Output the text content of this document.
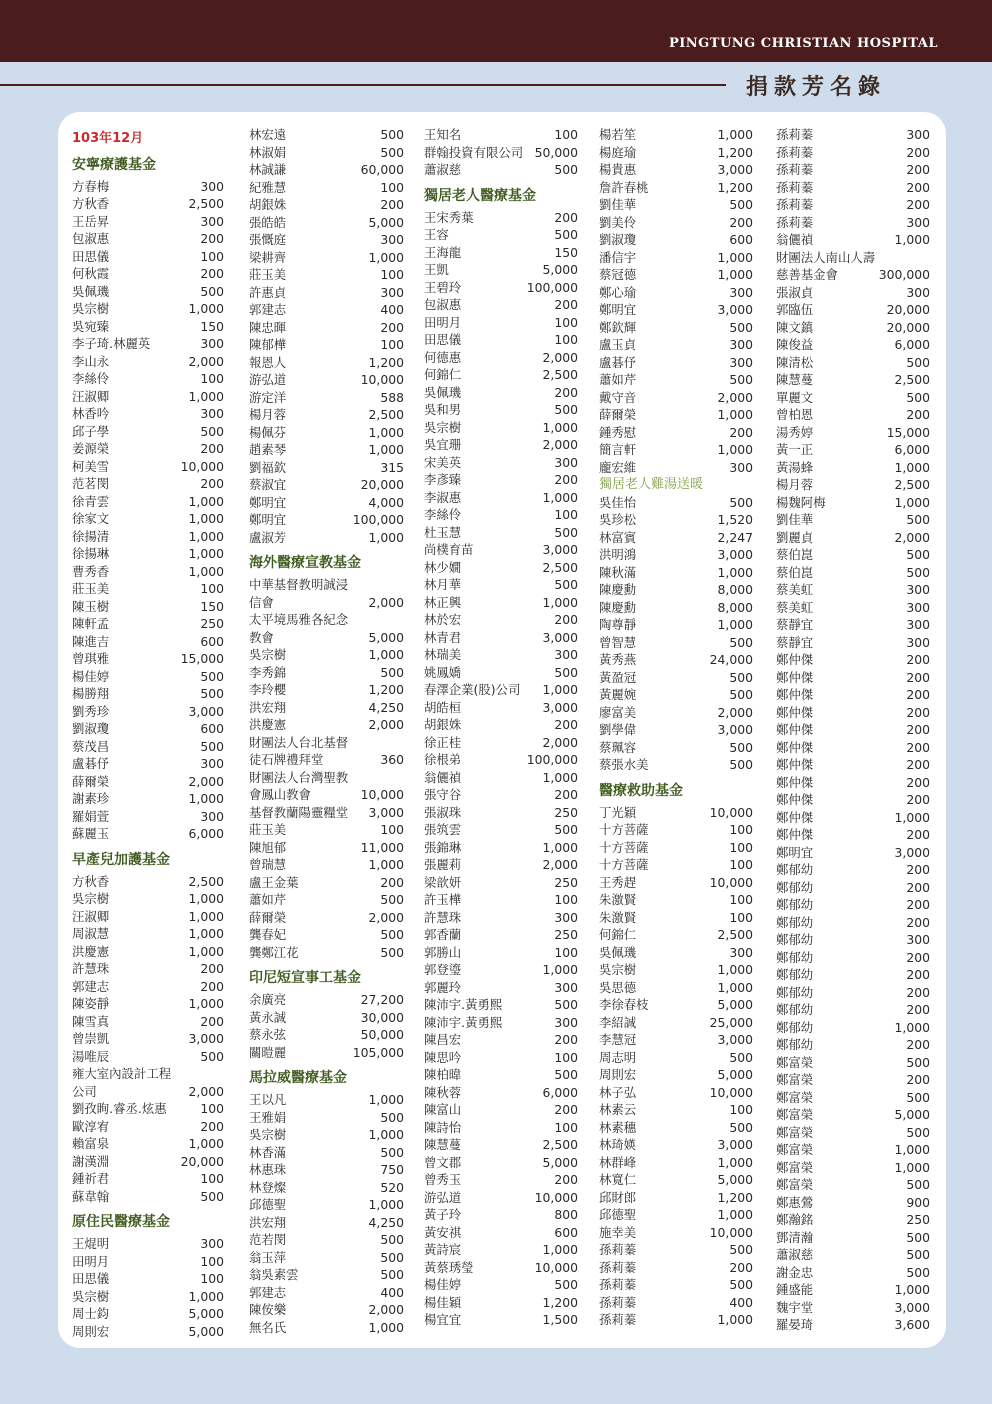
PINGTUNG CHRISTIAN HOSPITAL
捐款芳名錄
103年12月
安寧療護基金
方春梅	300
方秋香	2,500
王岳昇	300
包淑惠	200
田思儀	100
何秋霞	200
吳佩璣	500
吳宗樹	1,000
吳宛臻	150
李子琦.林麗英	300
李山永	2,000
李絲伶	100
汪淑卿	1,000
林香吟	300
邱子學	500
姜源榮	200
柯美雪	10,000
范茗閔	200
徐青雲	1,000
徐家文	1,000
徐揚清	1,000
徐揚琳	1,000
曹秀香	1,000
莊玉美	100
陳玉樹	150
陳軒孟	250
陳進吉	600
曾琪雅	15,000
楊佳婷	500
楊勝翔	500
劉秀珍	3,000
劉淑瓊	600
蔡茂昌	500
盧碁伃	300
薛爾榮	2,000
謝素珍	1,000
羅娟萱	300
蘇麗玉	6,000
早產兒加護基金
方秋香	2,500
吳宗樹	1,000
汪淑卿	1,000
周淑慧	1,000
洪慶憲	1,000
許慧珠	200
郭建志	200
陳姿靜	1,000
陳雪真	200
曾崇凱	3,000
湯唯辰	500
雍大室內設計工程
公司	2,000
劉孜眴.睿丞.炫惠	100
歐淳宥	200
賴富泉	1,000
謝漢淵	20,000
鍾祈君	100
蘇韋翰	500
原住民醫療基金
王焜明	300
田明月	100
田思儀	100
吳宗樹	1,000
周士鈞	5,000
周則宏	5,000
林宏遠	500
林淑娟	500
林誠謙	60,000
紀雅慧	100
胡銀姝	200
張皓皓	5,000
張慨庭	300
梁耕齊	1,000
莊玉美	100
許惠貞	300
郭建志	400
陳忠暉	200
陳郁樺	100
報恩人	1,200
游弘道	10,000
游定洋	588
楊月蓉	2,500
楊佩芬	1,000
趙素琴	1,000
劉福欽	315
蔡淑宜	20,000
鄭明宜	4,000
鄭明宜	100,000
盧淑芳	1,000
海外醫療宣教基金
中華基督教明誠浸
信會	2,000
太平境馬雅各紀念
教會	5,000
吳宗樹	1,000
李秀錦	500
李玲櫻	1,200
洪宏翔	4,250
洪慶憲	2,000
財團法人台北基督
徒石牌禮拜堂	360
財團法人台灣聖教
會鳳山教會	10,000
基督教蘭陽靈糧堂 3,000
莊玉美	100
陳旭郁	11,000
曾瑞慧	1,000
盧王金葉	200
蕭如芹	500
薛爾榮	2,000
龔春妃	500
龔鄭江花	500
印尼短宣事工基金
余廣亮	27,200
黃永誠	30,000
蔡永弦	50,000
關暟麗	105,000
馬拉威醫療基金
王以凡	1,000
王雅娟	500
吳宗樹	1,000
林香滿	500
林惠珠	750
林登燦	520
邱德聖	1,000
洪宏翔	4,250
范若閔	500
翁玉萍	500
翁吳素雲	500
郭建志	400
陳侒樂	2,000
無名氏	1,000
王知名	100
群翰投資有限公司 50,000
蕭淑慈	500
獨居老人醫療基金
王宋秀葉	200
王容	500
王海龍	150
王凱	5,000
王碧玲	100,000
包淑惠	200
田明月	100
田思儀	100
何德惠	2,000
何錦仁	2,500
吳佩璣	200
吳和男	500
吳宗樹	1,000
吳宜珊	2,000
宋美英	300
李彥臻	200
李淑惠	1,000
李絲伶	100
杜玉慧	500
尚樸育苗	3,000
林少嫺	2,500
林月華	500
林正興	1,000
林於宏	200
林青君	3,000
林瑞美	300
姚鳳嬌	500
春澤企業(股)公司 1,000
胡皓桓	3,000
胡銀姝	200
徐正桂	2,000
徐根弟	100,000
翁儷禎	1,000
張守谷	200
張淑珠	250
張筑雲	500
張錦琳	1,000
張麗莉	2,000
梁歆妍	250
許玉樺	100
許慧珠	300
郭香蘭	250
郭勝山	100
郭登瑬	1,000
郭麗玲	300
陳沛宇.黃勇熙	500
陳沛宇.黃勇熙	300
陳昌宏	200
陳思吟	100
陳柏暐	500
陳秋蓉	6,000
陳富山	200
陳詩怡	100
陳慧蔓	2,500
曾文郡	5,000
曾秀玉	200
游弘道	10,000
黃子玲	800
黃安祺	600
黃詩宸	1,000
黃蔡琇瑩	10,000
楊佳婷	500
楊佳穎	1,200
楊宜宜	1,500
楊若笙	1,000
楊庭瑜	1,200
楊貴惠	3,000
詹許春桃	1,200
劉佳華	500
劉美伶	200
劉淑瓊	600
潘信宇	1,000
蔡冠德	1,000
鄭心瑜	300
鄭明宜	3,000
鄭欽輝	500
盧玉貞	300
盧碁伃	300
蕭如芹	500
戴守音	2,000
薛爾榮	1,000
鍾秀慰	200
簡言軒	1,000
龐宏維	300
獨居老人雞湯送暖
吳佳怡	500
吳珍松	1,520
林富賓	2,247
洪明鴻	3,000
陳秋滿	1,000
陳慶勳	8,000
陳慶勳	8,000
陶尊靜	1,000
曾智慧	500
黃秀燕	24,000
黃盈冠	500
黃麗婉	500
廖富美	2,000
劉學偉	3,000
蔡珮容	500
蔡張水美	500
醫療救助基金
丁光穎	10,000
十方菩薩	100
十方菩薩	100
十方菩薩	100
王秀趕	10,000
朱激賢	100
朱激賢	100
何錦仁	2,500
吳佩璣	300
吳宗樹	1,000
吳思德	1,000
李徐春枝	5,000
李紹誠	25,000
李慧冠	3,000
周志明	500
周則宏	5,000
林子弘	10,000
林素云	100
林素穗	500
林琦媖	3,000
林群峰	1,000
林寬仁	5,000
邱財郎	1,200
邱德聖	1,000
施幸美	10,000
孫莉蓁	500
孫莉蓁	200
孫莉蓁	500
孫莉蓁	400
孫莉蓁	1,000
孫莉蓁	300
孫莉蓁	200
孫莉蓁	200
孫莉蓁	200
孫莉蓁	200
孫莉蓁	300
翁儷禎	1,000
財團法人南山人壽
慈善基金會	300,000
張淑貞	300
郭臨伍	20,000
陳文鎮	20,000
陳俊益	6,000
陳清松	500
陳慧蔓	2,500
單麗文	500
曾柏恩	200
湯秀婷	15,000
黃一正	6,000
黃湯蜂	1,000
楊月蓉	2,500
楊魏阿梅	1,000
劉佳華	500
劉麗貞	2,000
蔡伯崑	500
蔡伯崑	500
蔡美虹	300
蔡美虹	300
蔡靜宜	300
蔡靜宜	300
鄭仲傑	200
鄭仲傑	200
鄭仲傑	200
鄭仲傑	200
鄭仲傑	200
鄭仲傑	200
鄭仲傑	200
鄭仲傑	200
鄭仲傑	200
鄭仲傑	1,000
鄭仲傑	200
鄭明宜	3,000
鄭郁幼	200
鄭郁幼	200
鄭郁幼	200
鄭郁幼	200
鄭郁幼	300
鄭郁幼	200
鄭郁幼	200
鄭郁幼	200
鄭郁幼	200
鄭郁幼	1,000
鄭郁幼	200
鄭富榮	500
鄭富榮	200
鄭富榮	500
鄭富榮	5,000
鄭富榮	500
鄭富榮	1,000
鄭富榮	1,000
鄭富榮	500
鄭惠鶯	900
鄭瀚銘	250
鄧清瀚	500
蕭淑慈	500
謝金忠	500
鍾盛能	1,000
魏宇堂	3,000
羅晏琦	3,600
